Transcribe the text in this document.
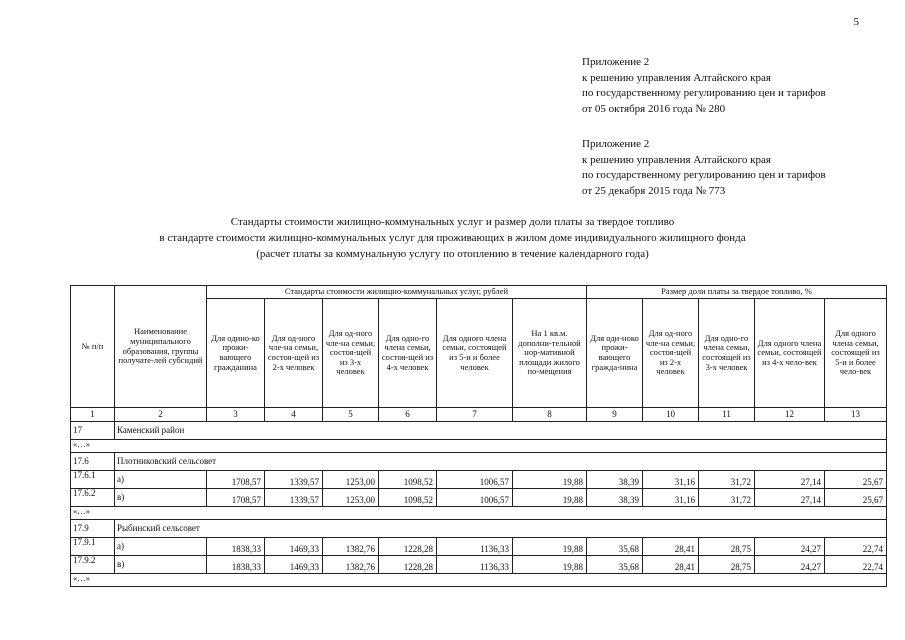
5
Приложение 2
к решению управления Алтайского края
по государственному регулированию цен и тарифов
от 05 октября 2016 года № 280
Приложение 2
к решению управления Алтайского края
по государственному регулированию цен и тарифов
от 25 декабря 2015 года № 773
Стандарты стоимости жилищно-коммунальных услуг и размер доли платы за твердое топливо
в стандарте стоимости жилищно-коммунальных услуг для проживающих в жилом доме индивидуального жилищного фонда
(расчет платы за коммунальную услугу по отоплению в течение календарного года)
№ п/п	Наименование муниципального образования, группы получате-лей субсидий	Стандарты стоимости жилищно-коммунальных услуг, рублей						Размер доли платы за твердое топливо, %				
		Для одино-ко прожи-вающего гражданина	Для од-ного чле-на семьи, состоя-щей из 2-х человек	Для од-ного чле-на семьи, состоя-щей из 3-х человек	Для одно-го члена семьи, состоя-щей из 4-х человек	Для одного члена семьи, состоящей из 5-и и более человек	На 1 кв.м. дополни-тельной нор-мативной площади жилого по-мещения	Для оди-ноко прожи-вающего гражда-нина	Для од-ного чле-на семьи, состоя-щей из 2-х человек	Для одно-го члена семьи, состоящей из 3-х человек	Для одного члена семьи, состоящей из 4-х чело-век	Для одного члена семьи, состоящей из 5-и и более чело-век
1	2	3	4	5	6	7	8	9	10	11	12	13
17	Каменский район											
«…»												
17.6	Плотниковский сельсовет											
17.6.1	а)	1708,57	1339,57	1253,00	1098,52	1006,57	19,88	38,39	31,16	31,72	27,14	25,67
17.6.2	в)	1708,57	1339,57	1253,00	1098,52	1006,57	19,88	38,39	31,16	31,72	27,14	25,67
«…»												
17.9	Рыбинский сельсовет											
17.9.1	а)	1838,33	1469,33	1382,76	1228,28	1136,33	19,88	35,68	28,41	28,75	24,27	22,74
17.9.2	в)	1838,33	1469,33	1382,76	1228,28	1136,33	19,88	35,68	28,41	28,75	24,27	22,74
«…»												
